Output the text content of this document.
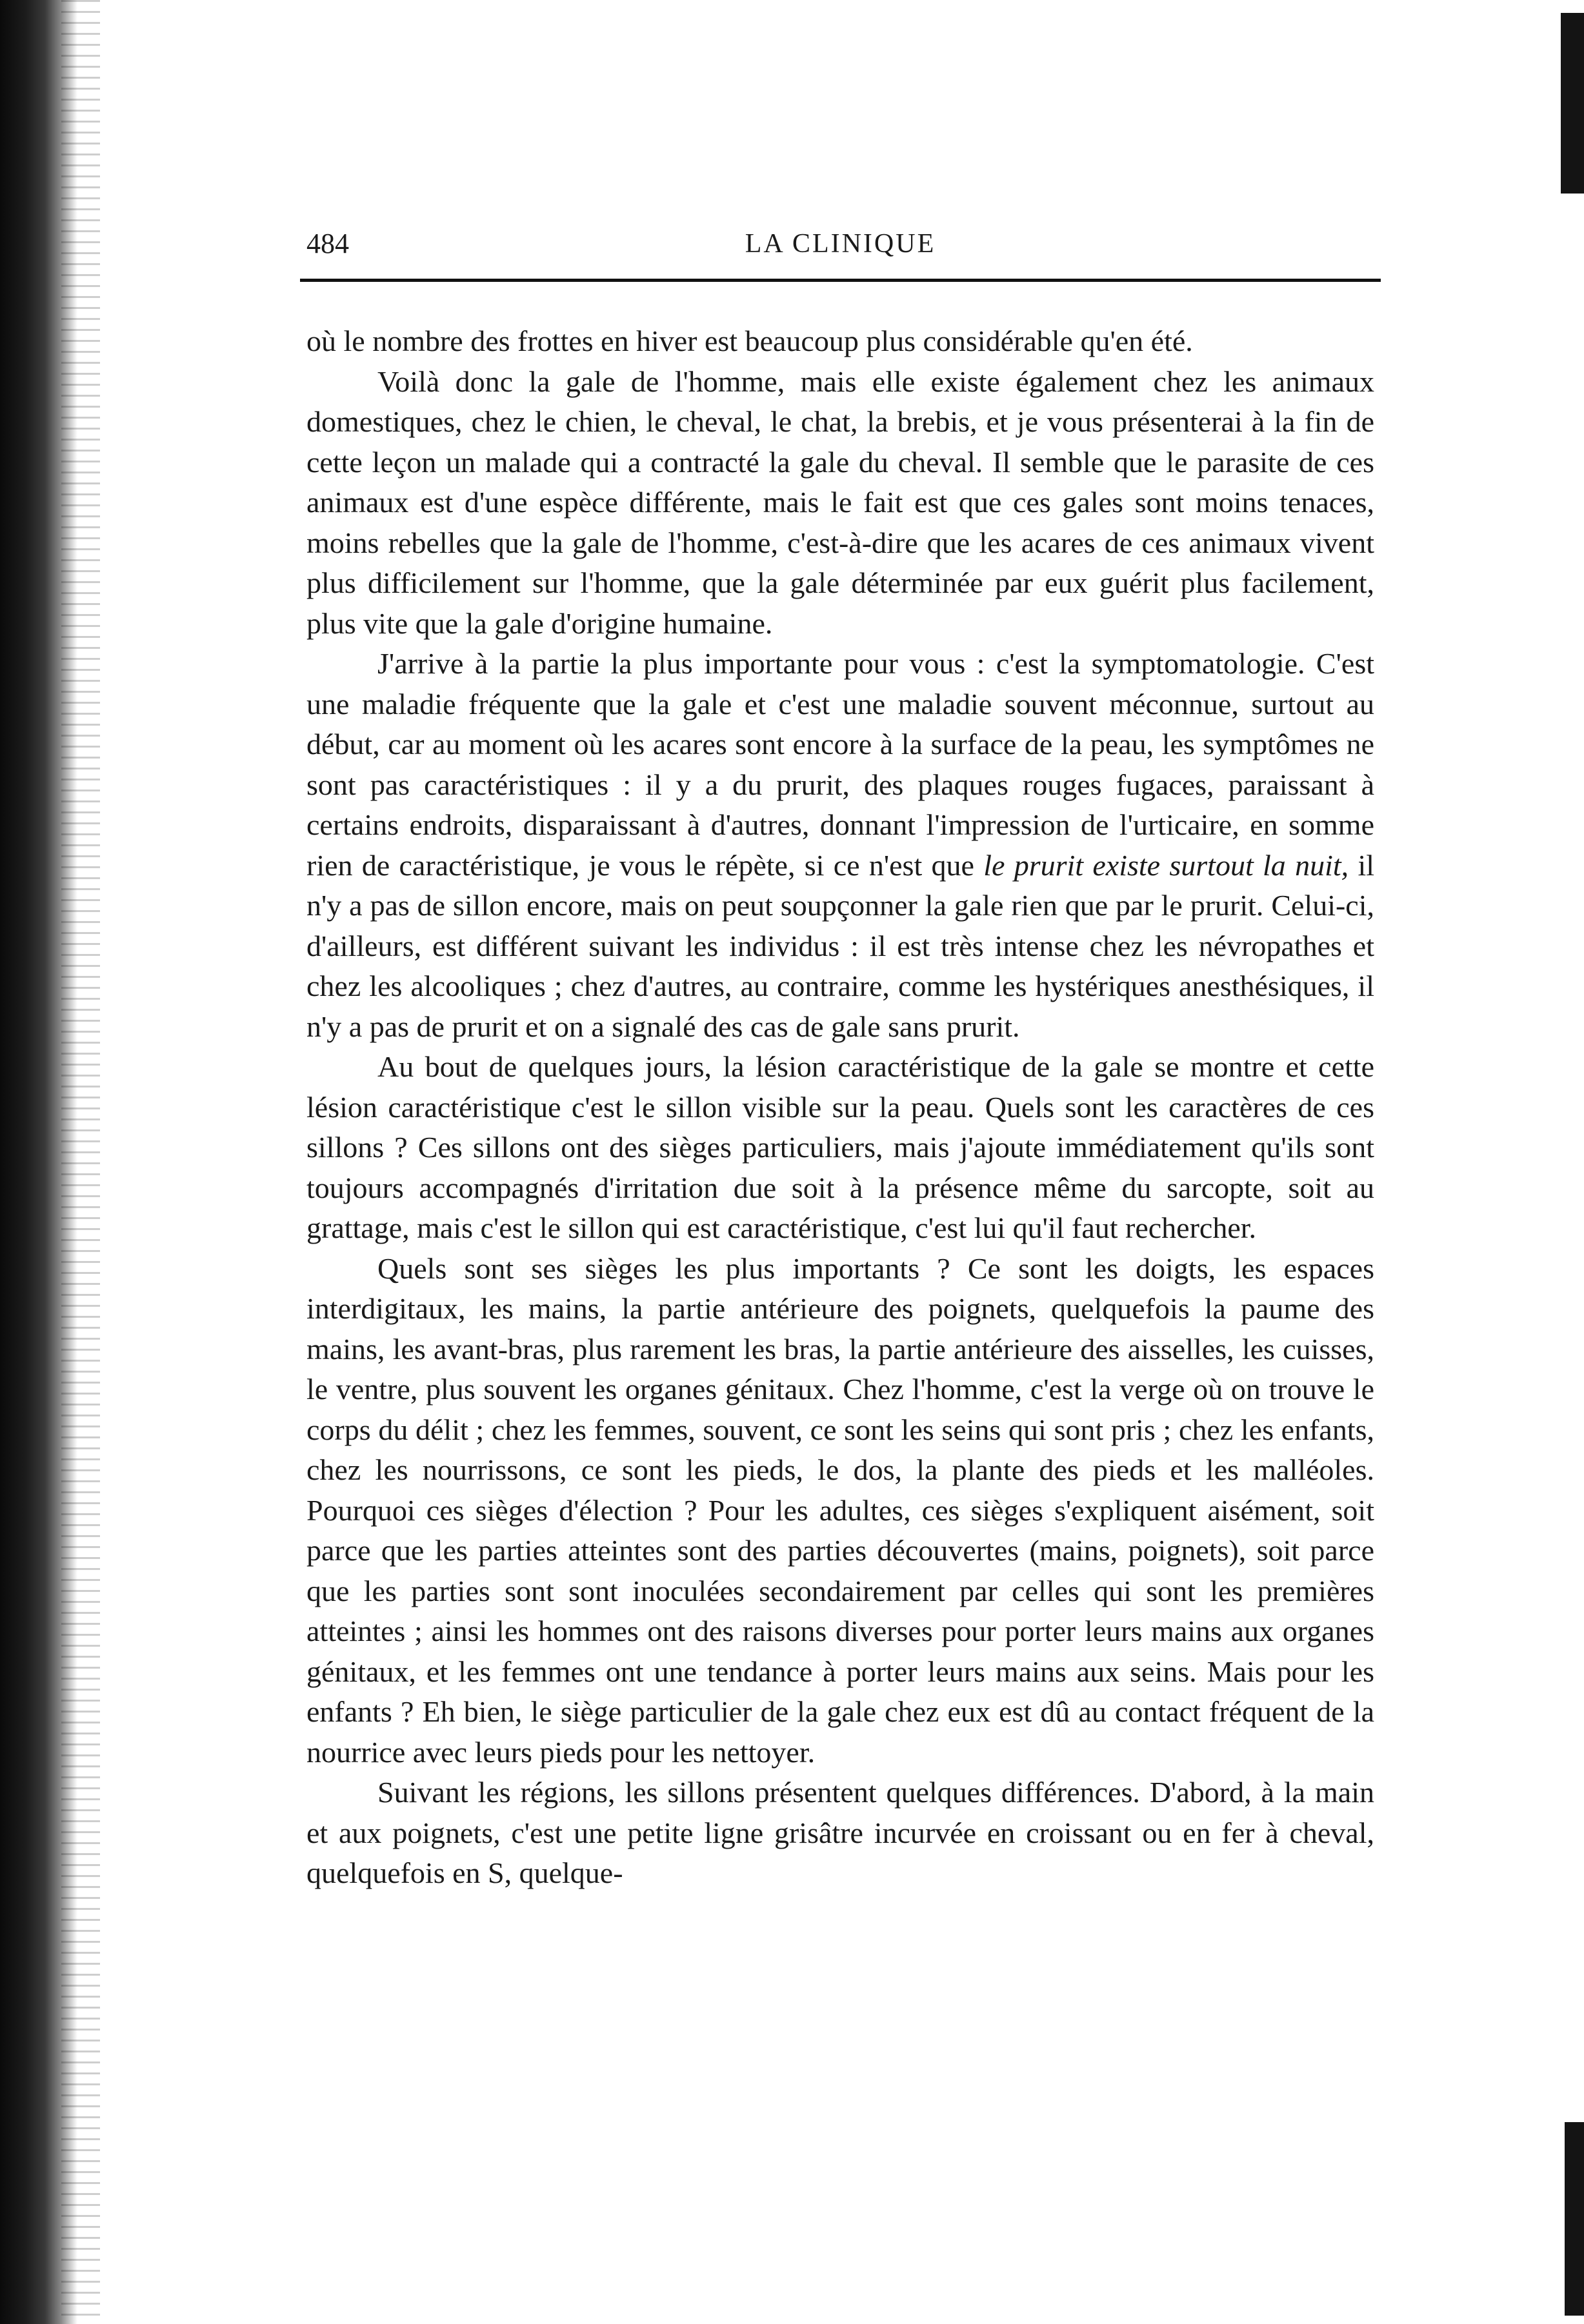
484	LA CLINIQUE

où le nombre des frottes en hiver est beaucoup plus considérable qu'en été.

Voilà donc la gale de l'homme, mais elle existe également chez les animaux domestiques, chez le chien, le cheval, le chat, la brebis, et je vous présenterai à la fin de cette leçon un malade qui a contracté la gale du cheval. Il semble que le parasite de ces animaux est d'une espèce différente, mais le fait est que ces gales sont moins tenaces, moins rebelles que la gale de l'homme, c'est-à-dire que les acares de ces animaux vivent plus difficilement sur l'homme, que la gale déterminée par eux guérit plus facilement, plus vite que la gale d'origine humaine.

J'arrive à la partie la plus importante pour vous : c'est la symptomatologie. C'est une maladie fréquente que la gale et c'est une maladie souvent méconnue, surtout au début, car au moment où les acares sont encore à la surface de la peau, les symptômes ne sont pas caractéristiques : il y a du prurit, des plaques rouges fugaces, paraissant à certains endroits, disparaissant à d'autres, donnant l'impression de l'urticaire, en somme rien de caractéristique, je vous le répète, si ce n'est que le prurit existe surtout la nuit, il n'y a pas de sillon encore, mais on peut soupçonner la gale rien que par le prurit. Celui-ci, d'ailleurs, est différent suivant les individus : il est très intense chez les névropathes et chez les alcooliques ; chez d'autres, au contraire, comme les hystériques anesthésiques, il n'y a pas de prurit et on a signalé des cas de gale sans prurit.

Au bout de quelques jours, la lésion caractéristique de la gale se montre et cette lésion caractéristique c'est le sillon visible sur la peau. Quels sont les caractères de ces sillons ? Ces sillons ont des sièges particuliers, mais j'ajoute immédiatement qu'ils sont toujours accompagnés d'irritation due soit à la présence même du sarcopte, soit au grattage, mais c'est le sillon qui est caractéristique, c'est lui qu'il faut rechercher.

Quels sont ses sièges les plus importants ? Ce sont les doigts, les espaces interdigitaux, les mains, la partie antérieure des poignets, quelquefois la paume des mains, les avant-bras, plus rarement les bras, la partie antérieure des aisselles, les cuisses, le ventre, plus souvent les organes génitaux. Chez l'homme, c'est la verge où on trouve le corps du délit ; chez les femmes, souvent, ce sont les seins qui sont pris ; chez les enfants, chez les nourrissons, ce sont les pieds, le dos, la plante des pieds et les malléoles. Pourquoi ces sièges d'élection ? Pour les adultes, ces sièges s'expliquent aisément, soit parce que les parties atteintes sont des parties découvertes (mains, poignets), soit parce que les parties sont sont inoculées secondairement par celles qui sont les premières atteintes ; ainsi les hommes ont des raisons diverses pour porter leurs mains aux organes génitaux, et les femmes ont une tendance à porter leurs mains aux seins. Mais pour les enfants ? Eh bien, le siège particulier de la gale chez eux est dû au contact fréquent de la nourrice avec leurs pieds pour les nettoyer.

Suivant les régions, les sillons présentent quelques différences. D'abord, à la main et aux poignets, c'est une petite ligne grisâtre incurvée en croissant ou en fer à cheval, quelquefois en S, quelque-
